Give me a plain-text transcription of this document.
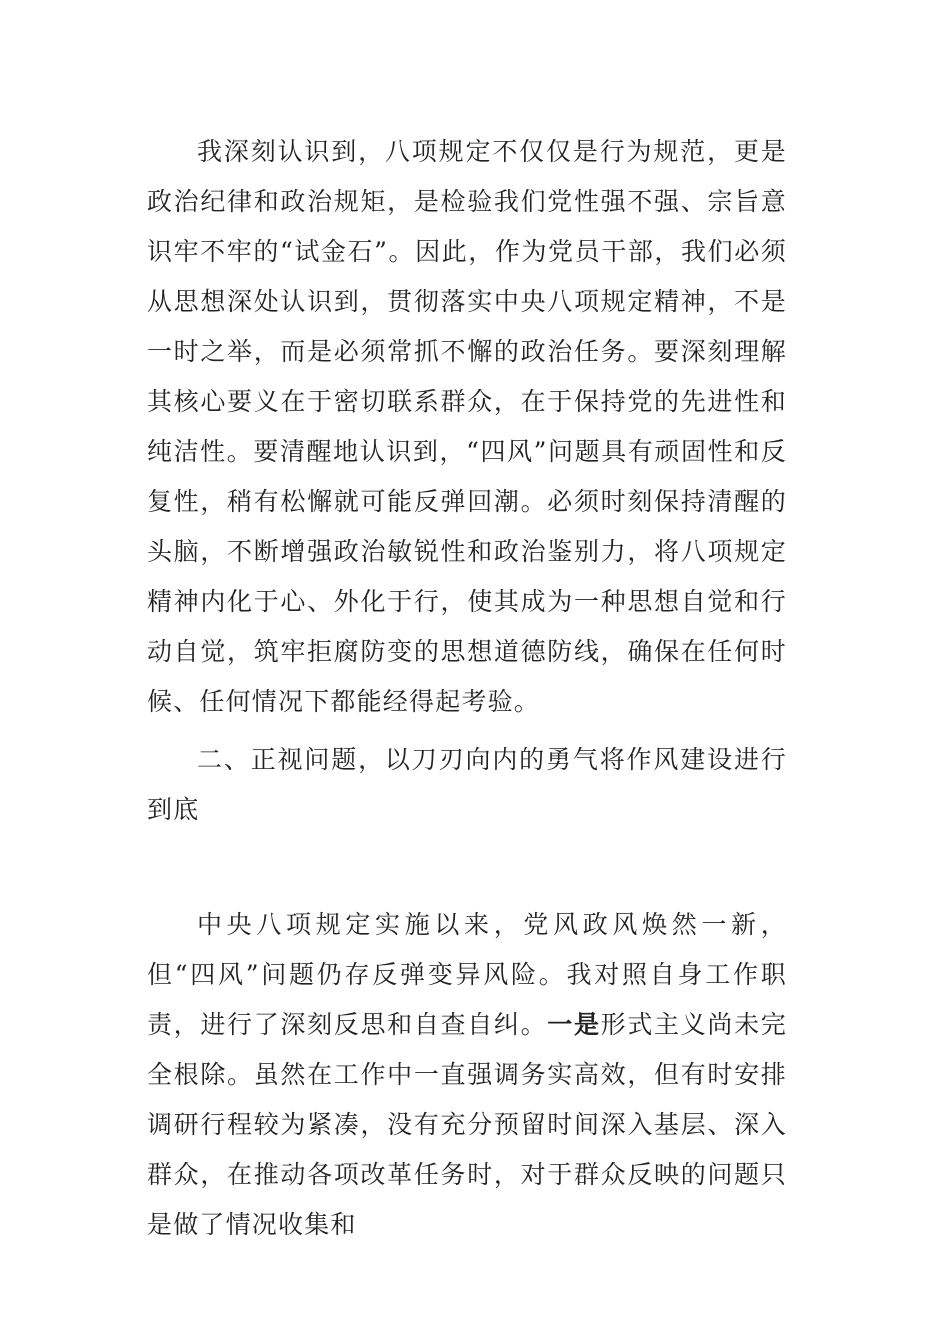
我深刻认识到，八项规定不仅仅是行为规范，更是政治纪律和政治规矩，是检验我们党性强不强、宗旨意识牢不牢的“试金石”。因此，作为党员干部，我们必须从思想深处认识到，贯彻落实中央八项规定精神，不是一时之举，而是必须常抓不懈的政治任务。要深刻理解其核心要义在于密切联系群众，在于保持党的先进性和纯洁性。要清醒地认识到，“四风”问题具有顽固性和反复性，稍有松懈就可能反弹回潮。必须时刻保持清醒的头脑，不断增强政治敏锐性和政治鉴别力，将八项规定精神内化于心、外化于行，使其成为一种思想自觉和行动自觉，筑牢拒腐防变的思想道德防线，确保在任何时候、任何情况下都能经得起考验。

二、正视问题，以刀刃向内的勇气将作风建设进行到底

中央八项规定实施以来，党风政风焕然一新，但“四风”问题仍存反弹变异风险。我对照自身工作职责，进行了深刻反思和自查自纠。一是形式主义尚未完全根除。虽然在工作中一直强调务实高效，但有时安排调研行程较为紧凑，没有充分预留时间深入基层、深入群众，在推动各项改革任务时，对于群众反映的问题只是做了情况收集和
